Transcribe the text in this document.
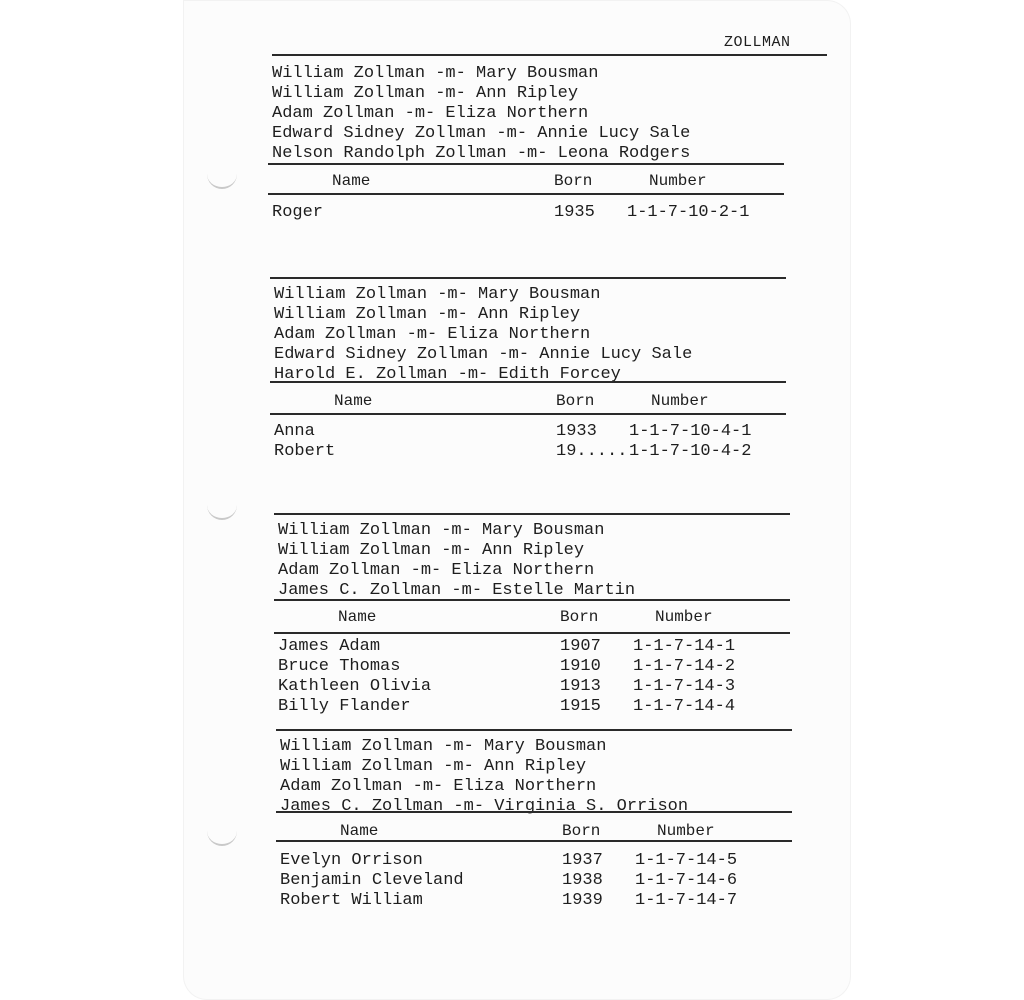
ZOLLMAN
William Zollman -m- Mary Bousman
William Zollman -m- Ann Ripley
Adam Zollman -m- Eliza Northern
Edward Sidney Zollman -m- Annie Lucy Sale
Nelson Randolph Zollman -m- Leona Rodgers
Name	Born	Number
Roger	1935 1-1-7-10-2-1
William Zollman -m- Mary Bousman
William Zollman -m- Ann Ripley
Adam Zollman -m- Eliza Northern
Edward Sidney Zollman -m- Annie Lucy Sale
Harold E. Zollman -m- Edith Forcey
Name	Born	Number
Anna	1933 1-1-7-10-4-1
Robert	19..... 1-1-7-10-4-2
William Zollman -m- Mary Bousman
William Zollman -m- Ann Ripley
Adam Zollman -m- Eliza Northern
James C. Zollman -m- Estelle Martin
Name	Born	Number
James Adam	1907 1-1-7-14-1
Bruce Thomas	1910 1-1-7-14-2
Kathleen Olivia	1913 1-1-7-14-3
Billy Flander	1915 1-1-7-14-4
William Zollman -m- Mary Bousman
William Zollman -m- Ann Ripley
Adam Zollman -m- Eliza Northern
James C. Zollman -m- Virginia S. Orrison
Name	Born	Number
Evelyn Orrison	1937 1-1-7-14-5
Benjamin Cleveland	1938 1-1-7-14-6
Robert William	1939 1-1-7-14-7
